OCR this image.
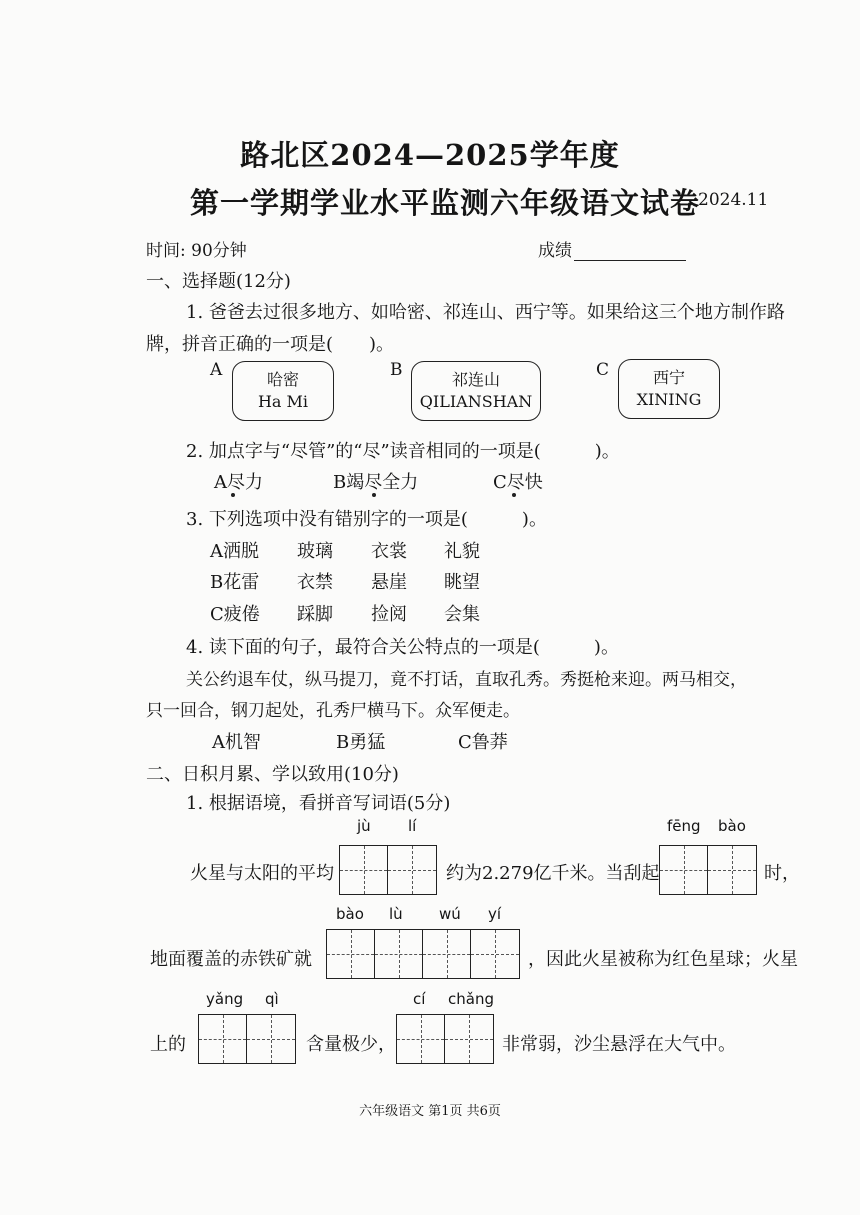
路北区2024—2025学年度
第一学期学业水平监测六年级语文试卷
2024.11
时间: 90分钟	成绩
一、选择题(12分)
1. 爸爸去过很多地方、如哈密、祁连山、西宁等。如果给这三个地方制作路
牌，拼音正确的一项是(　　)。
A	哈密
Ha Mi
B	祁连山
QILIANSHAN
C	西宁
XINING
2. 加点字与“尽管”的“尽”读音相同的一项是(　　　)。
A尽力	B竭尽全力	C尽快
3. 下列选项中没有错别字的一项是(　　　)。
A洒脱 玻璃 衣裳 礼貌
B花雷 衣禁 悬崖 眺望
C疲倦 踩脚 捡阅 会集
4. 读下面的句子，最符合关公特点的一项是(　　　)。
关公约退车仗，纵马提刀，竟不打话，直取孔秀。秀挺枪来迎。两马相交，
只一回合，钢刀起处，孔秀尸横马下。众军便走。
A机智	B勇猛	C鲁莽
二、日积月累、学以致用(10分)
1. 根据语境，看拼音写词语(5分)
jù lí	fēng bào
火星与太阳的平均	约为2.279亿千米。当刮起	时，
bào lù wú yí
地面覆盖的赤铁矿就	，因此火星被称为红色星球；火星
yǎng qì	cí chǎng
上的	含量极少，	非常弱，沙尘悬浮在大气中。
六年级语文 第1页 共6页
